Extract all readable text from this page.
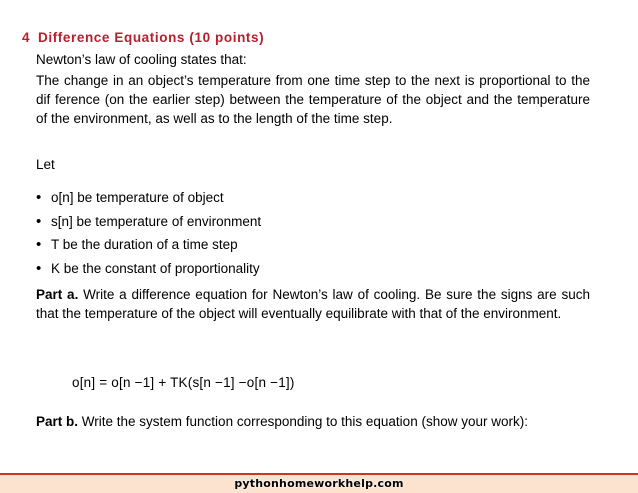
4 Difference Equations (10 points)
Newton’s law of cooling states that:
The change in an object’s temperature from one time step to the next is proportional to the dif ference (on the earlier step) between the temperature of the object and the temperature of the environment, as well as to the length of the time step.
Let
• o[n] be temperature of object
• s[n] be temperature of environment
• T be the duration of a time step
• K be the constant of proportionality
Part a. Write a difference equation for Newton’s law of cooling. Be sure the signs are such that the temperature of the object will eventually equilibrate with that of the environment.
o[n] = o[n −1] + TK(s[n −1] −o[n −1])
Part b. Write the system function corresponding to this equation (show your work):
pythonhomeworkhelp.com
